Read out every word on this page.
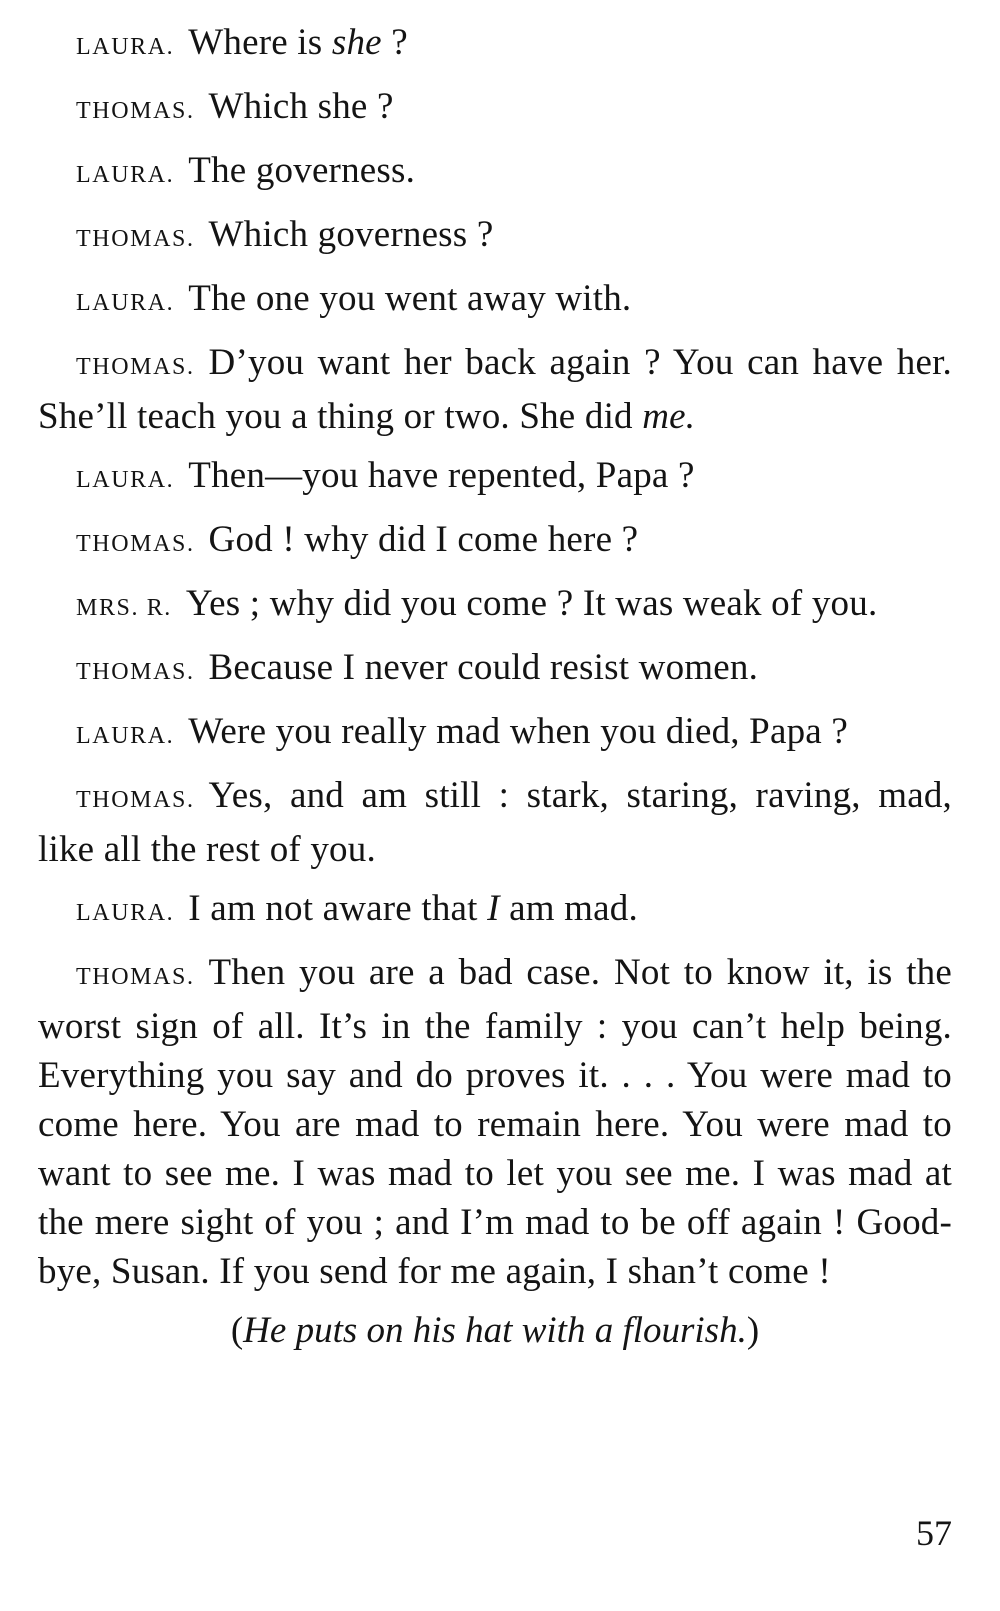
LAURA. Where is she ?

THOMAS. Which she ?

LAURA. The governess.

THOMAS. Which governess ?

LAURA. The one you went away with.

THOMAS. D’you want her back again ? You can have her. She’ll teach you a thing or two. She did me.

LAURA. Then—you have repented, Papa ?

THOMAS. God ! why did I come here ?

MRS. R. Yes ; why did you come ? It was weak of you.

THOMAS. Because I never could resist women.

LAURA. Were you really mad when you died, Papa ?

THOMAS. Yes, and am still : stark, staring, raving, mad, like all the rest of you.

LAURA. I am not aware that I am mad.

THOMAS. Then you are a bad case. Not to know it, is the worst sign of all. It’s in the family : you can’t help being. Everything you say and do proves it. . . . You were mad to come here. You are mad to remain here. You were mad to want to see me. I was mad to let you see me. I was mad at the mere sight of you ; and I’m mad to be off again ! Good-bye, Susan. If you send for me again, I shan’t come !

(He puts on his hat with a flourish.)

57
